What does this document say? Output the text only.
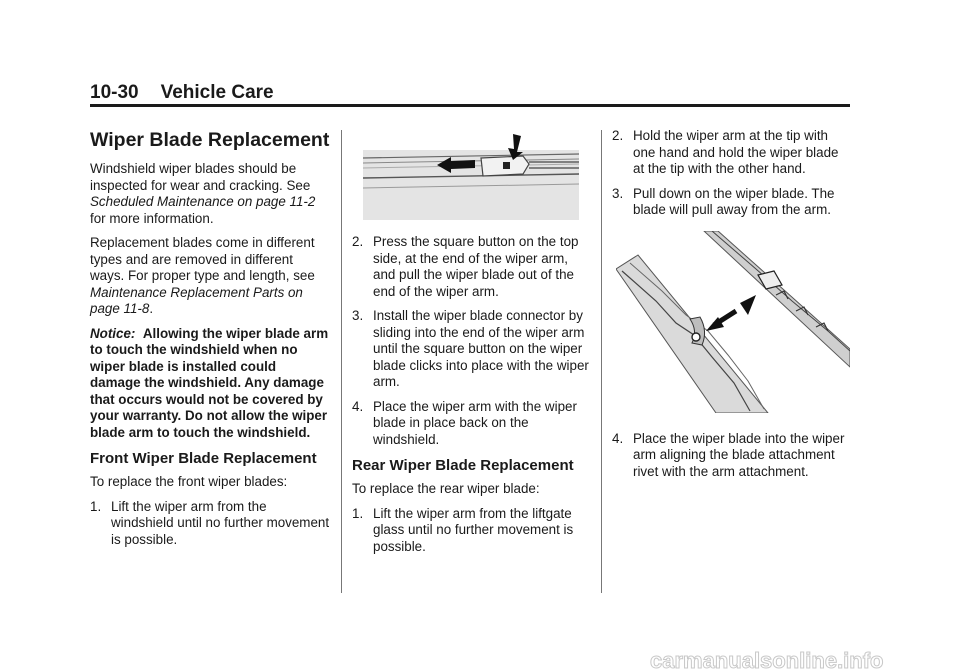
10-30 Vehicle Care
Wiper Blade Replacement

Windshield wiper blades should be inspected for wear and cracking. See Scheduled Maintenance on page 11-2 for more information.

Replacement blades come in different types and are removed in different ways. For proper type and length, see Maintenance Replacement Parts on page 11-8.

Notice: Allowing the wiper blade arm to touch the windshield when no wiper blade is installed could damage the windshield. Any damage that occurs would not be covered by your warranty. Do not allow the wiper blade arm to touch the windshield.

Front Wiper Blade Replacement

To replace the front wiper blades:

1. Lift the wiper arm from the windshield until no further movement is possible.
2. Press the square button on the top side, at the end of the wiper arm, and pull the wiper blade out of the end of the wiper arm.
3. Install the wiper blade connector by sliding into the end of the wiper arm until the square button on the wiper blade clicks into place with the wiper arm.
4. Place the wiper arm with the wiper blade in place back on the windshield.
Rear Wiper Blade Replacement

To replace the rear wiper blade:

1. Lift the wiper arm from the liftgate glass until no further movement is possible.
2. Hold the wiper arm at the tip with one hand and hold the wiper blade at the tip with the other hand.
3. Pull down on the wiper blade. The blade will pull away from the arm.
4. Place the wiper blade into the wiper arm aligning the blade attachment rivet with the arm attachment.
carmanualsonline.info
